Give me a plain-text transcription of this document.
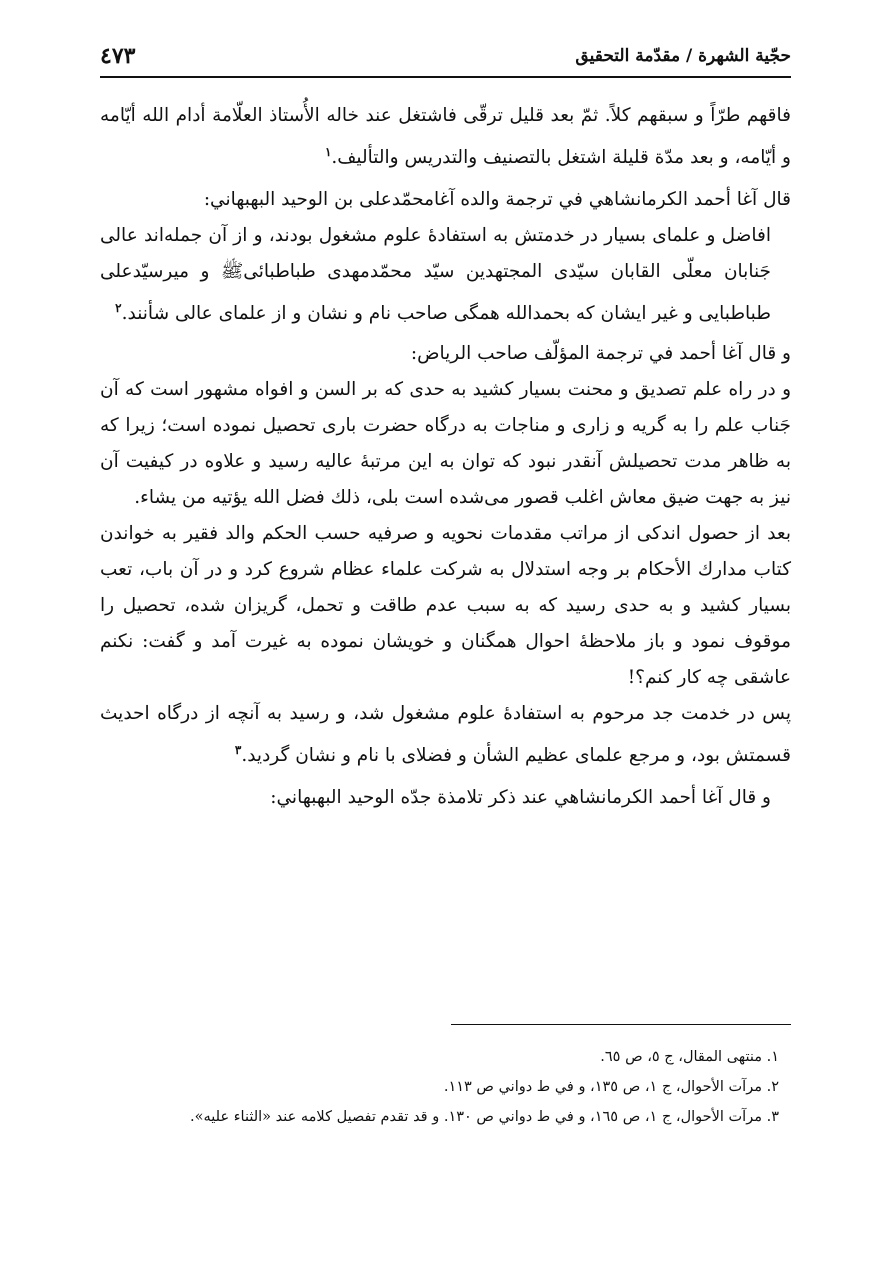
حجّية الشهرة / مقدّمة التحقيق
٤٧٣

فاقهم طرّاً و سبقهم كلاً. ثمّ بعد قليل ترقّى فاشتغل عند خاله الأُستاذ العلّامة أدام الله أيّامه و أيّامه، و بعد مدّة قليلة اشتغل بالتصنيف والتدريس والتأليف.$^١$

قال آغا أحمد الكرمانشاهي في ترجمة والده آغامحمّدعلى بن الوحيد البهبهاني:

افاضل و علماى بسيار در خدمتش به استفادۀ علوم مشغول بودند، و از آن جمله‌اند عالى جَنابان معلّى القابان سيّدى المجتهدين سيّد محمّدمهدى طباطبائى‌ﷺ و ميرسيّدعلى طباطبايى و غير ايشان كه بحمدالله همگى صاحب نام و نشان و از علماى عالى شأنند.$^٢$

و قال آغا أحمد في ترجمة المؤلّف صاحب الرياض:

و در راه علم تصديق و محنت بسيار كشيد به حدى كه بر السن و افواه مشهور است كه آن جَناب علم را به گريه و زارى و مناجات به درگاه حضرت بارى تحصيل نموده است؛ زيرا كه به ظاهر مدت تحصيلش آنقدر نبود كه توان به اين مرتبۀ عاليه رسيد و علاوه در كيفيت آن نيز به جهت ضيق معاش اغلب قصور مى‌شده است بلى، ذلك فضل الله يؤتيه من يشاء.

بعد از حصول اندكى از مراتب مقدمات نحويه و صرفيه حسب الحكم والد فقير به خواندن كتاب مدارك الأحكام بر وجه استدلال به شركت علماء عظام شروع كرد و در آن باب، تعب بسيار كشيد و به حدى رسيد كه به سبب عدم طاقت و تحمل، گريزان شده، تحصيل را موقوف نمود و باز ملاحظۀ احوال همگنان و خويشان نموده به غيرت آمد و گفت: نكنم عاشقى چه كار كنم؟!

پس در خدمت جد مرحوم به استفادۀ علوم مشغول شد، و رسيد به آنچه از درگاه احديث قسمتش بود، و مرجع علماى عظيم الشأن و فضلاى با نام و نشان گرديد.$^٣$

و قال آغا أحمد الكرمانشاهي عند ذكر تلامذة جدّه الوحيد البهبهاني:

١. منتهى المقال، ج ٥، ص ٦٥.

٢. مرآت الأحوال، ج ١، ص ١٣٥، و في ط دواني ص ١١٣.

٣. مرآت الأحوال، ج ١، ص ١٦٥، و في ط دواني ص ١٣٠. و قد تقدم تفصيل كلامه عند «الثناء عليه».
